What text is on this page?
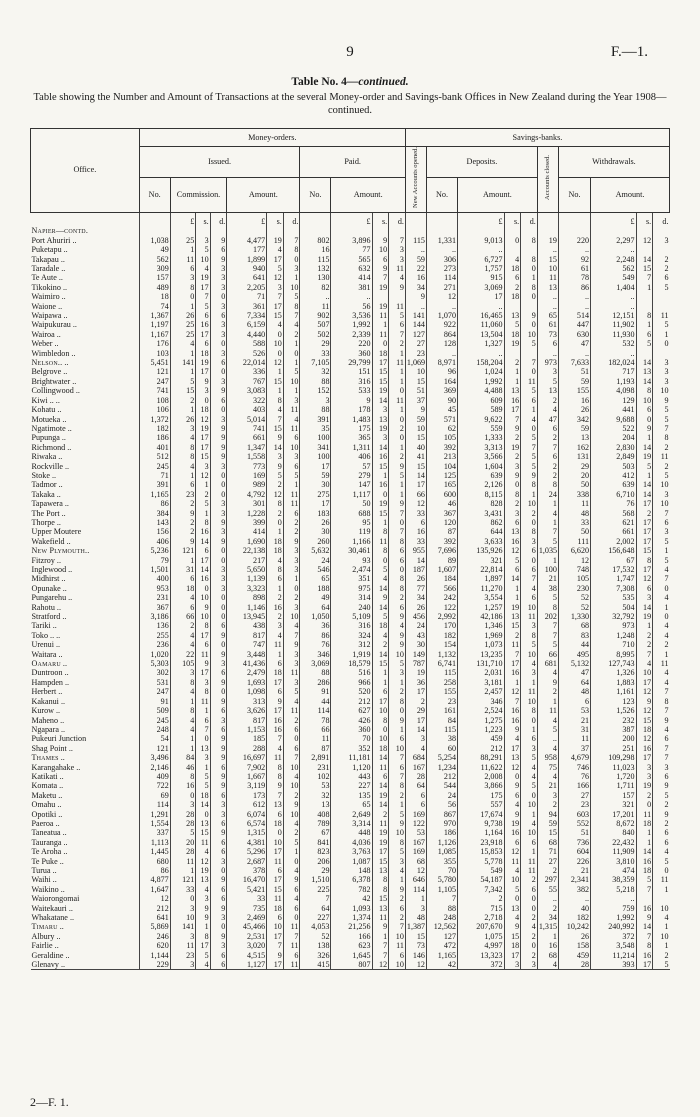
9	F.—1.
Table No. 4—continued.
Table showing the Number and Amount of Transactions at the several Money-order and Savings-bank Offices in New Zealand during the Year 1908—continued.
Office.	Money-orders.											Savings-banks.									
	Issued.							Paid.				New Accounts opened.	Deposits.				Accounts closed.	Withdrawals.			
	No.	Commission.			Amount.			No.	Amount.				No.	Amount.				No.	Amount.		
		£	s.	d.	£	s.	d.		£	s.	d.			£	s.	d.			£	s.	d.
Napier—contd.																					
Port Ahuriri ..	1,038	25	3	9	4,477	19	7	802	3,896	9	7	115	1,331	9,013	0	8	19	220	2,297	12	3
Puketapu ..	49	1	5	6	177	4	8	16	77	10	3	..	..	..			..	..	..		
Takapau ..	562	11	10	9	1,899	17	0	115	565	6	3	59	306	6,727	4	8	15	92	2,248	14	2
Taradale ..	309	6	4	3	940	5	3	132	632	9	11	22	273	1,757	18	0	10	61	562	15	2
Te Aute ..	157	3	19	3	641	12	1	130	414	7	4	16	114	915	6	1	11	78	549	7	6
Tikokino ..	489	8	17	3	2,205	3	10	82	381	19	9	34	271	3,069	2	8	13	86	1,404	1	5
Waimiro ..	18	0	7	0	71	7	5	..	..			9	12	17	18	0	..	..	..		
Waione ..	74	1	5	3	361	17	8	11	56	19	11	..	..	..			..	..	..		
Waipawa ..	1,367	26	6	6	7,334	15	7	902	3,536	11	5	141	1,070	16,465	13	9	65	514	12,151	8	11
Waipukurau ..	1,197	25	16	3	6,159	4	4	507	1,992	1	6	144	922	11,060	5	0	61	447	11,902	1	5
Wairoa ..	1,167	25	17	3	4,440	0	2	502	2,339	11	7	127	864	13,504	18	10	73	630	11,930	6	1
Weber ..	176	4	6	0	588	10	1	29	220	0	2	27	128	1,327	19	5	6	47	532	5	0
Wimbledon ..	103	1	18	3	526	0	0	33	360	18	1	23	..	..			..	..	..		
Nelson.. ..	5,451	141	19	6	22,014	12	1	7,105	29,799	17	11	1,069	8,971	158,204	2	7	973	7,633	182,024	14	3
Belgrove ..	121	1	17	0	336	1	5	32	151	15	1	10	96	1,024	1	0	3	51	717	13	3
Brightwater ..	247	5	9	3	767	15	10	88	316	15	1	15	164	1,992	1	11	5	59	1,193	14	3
Collingwood ..	741	15	3	9	3,083	1	1	152	533	19	0	51	369	4,488	13	5	13	155	4,098	8	10
Kiwi .. ..	108	2	0	6	322	8	3	3	9	14	11	37	90	609	16	6	2	16	129	10	9
Kohatu ..	106	1	18	0	403	4	11	88	178	3	1	9	45	589	17	1	4	26	441	6	5
Motueka ..	1,372	26	12	3	5,014	7	4	391	1,483	13	0	59	571	9,622	7	4	47	342	9,688	0	5
Ngatimote ..	182	3	19	9	741	15	11	35	175	19	2	10	62	559	9	0	6	59	522	9	7
Pupunga ..	186	4	17	9	661	9	6	100	365	3	0	15	105	1,333	2	5	2	13	204	1	8
Richmond ..	401	8	17	9	1,347	14	10	341	1,311	14	1	40	392	3,313	19	7	7	162	2,830	14	2
Riwaka ..	512	8	15	9	1,558	3	3	100	406	16	2	41	213	3,566	2	5	6	131	2,849	19	11
Rockville ..	245	4	3	3	773	9	6	17	57	15	9	15	104	1,604	3	5	2	29	503	5	2
Stoke ..	71	1	12	0	169	5	5	59	279	1	5	14	125	639	9	9	2	20	412	1	5
Tadmor ..	391	6	1	0	989	2	1	30	147	16	1	17	165	2,126	0	8	8	50	639	14	10
Takaka ..	1,165	23	2	0	4,792	12	11	275	1,117	0	1	66	600	8,115	8	1	24	338	6,710	14	3
Tapawera ..	86	2	5	3	301	8	11	17	50	19	9	12	46	828	2	10	1	11	76	17	10
The Port ..	384	9	1	3	1,228	2	6	183	688	15	7	33	367	3,431	3	2	4	48	568	2	7
Thorpe ..	143	2	8	9	399	0	2	26	95	1	0	6	120	862	6	0	1	33	621	17	6
Upper Moutere	156	2	16	3	414	1	2	30	119	8	7	16	87	644	13	8	7	50	661	17	3
Wakefield ..	406	9	14	9	1,690	18	9	260	1,166	11	8	33	392	3,633	16	3	5	111	2,002	17	5
New Plymouth..	5,236	121	6	0	22,138	18	3	5,632	30,461	8	6	955	7,696	135,926	12	6	1,035	6,620	156,648	15	1
Fitzroy ..	79	1	17	0	217	4	3	24	93	0	6	14	89	321	5	0	1	12	67	8	5
Inglewood ..	1,501	31	14	3	5,650	8	3	546	2,474	5	0	187	1,607	22,814	6	6	100	748	17,532	17	4
Midhirst ..	400	6	16	3	1,139	6	1	65	351	4	8	26	184	1,897	14	7	21	105	1,747	12	7
Opunake ..	953	18	0	3	3,323	1	0	188	975	14	8	77	566	11,270	1	4	38	230	7,308	6	0
Pungarehu ..	231	4	10	0	898	2	2	49	314	9	2	34	242	3,554	1	6	5	52	535	3	4
Rahotu ..	367	6	9	0	1,146	16	3	64	240	14	6	26	122	1,257	19	10	8	52	504	14	1
Stratford ..	3,186	66	10	0	13,945	2	10	1,050	5,109	5	9	456	2,992	42,186	13	11	202	1,330	32,792	19	0
Tariki ..	136	2	8	6	438	3	4	36	316	18	4	24	170	1,346	15	3	7	68	973	1	4
Toko .. ..	255	4	17	9	817	4	7	86	324	4	9	43	182	1,969	2	8	7	83	1,248	2	4
Urenui ..	236	4	6	0	747	11	9	76	312	2	9	30	154	1,073	11	5	5	44	710	2	2
Waitara ..	1,020	22	11	9	3,448	1	3	346	1,919	14	10	149	1,132	13,235	7	10	66	495	8,995	7	1
Oamaru ..	5,303	105	9	3	41,436	6	3	3,069	18,579	15	5	787	6,741	131,710	17	4	681	5,132	127,743	4	11
Duntroon ..	302	3	17	6	2,479	18	11	88	516	1	3	19	115	2,031	16	3	4	47	1,326	10	4
Hampden ..	531	8	3	9	1,693	17	3	286	966	1	1	36	258	3,181	1	1	9	64	1,883	17	4
Herbert ..	247	4	8	0	1,098	6	5	91	520	6	2	17	155	2,457	12	11	2	48	1,161	12	7
Kakanui ..	91	1	11	9	313	9	4	44	212	17	8	2	23	346	7	10	1	6	123	9	8
Kurow ..	509	8	1	6	3,626	17	11	114	627	10	0	29	161	2,524	16	8	11	53	1,526	12	7
Maheno ..	245	4	6	3	817	16	2	78	426	8	9	17	84	1,275	16	0	4	21	232	15	9
Ngapara ..	248	4	7	6	1,153	16	6	66	360	0	1	14	115	1,223	9	1	5	31	387	18	4
Pukeuri Junction	54	1	0	9	185	7	0	11	70	10	6	3	38	459	4	6	..	11	200	12	6
Shag Point ..	121	1	13	9	288	4	6	87	352	18	10	4	60	212	17	3	4	37	251	16	7
Thames ..	3,496	84	3	9	16,697	11	7	2,891	11,181	14	7	684	5,254	88,291	13	5	958	4,679	109,298	17	7
Karangahake ..	2,146	46	1	6	7,902	8	10	231	1,120	11	6	167	1,234	11,622	12	4	75	746	11,023	3	3
Katikati ..	409	8	5	9	1,667	8	4	102	443	6	7	28	212	2,008	0	4	4	76	1,720	3	6
Komata ..	722	16	5	9	3,119	9	10	53	227	14	8	64	544	3,866	9	5	21	166	1,711	19	9
Maketu ..	69	0	18	6	173	7	2	32	135	19	2	6	24	175	6	0	3	27	157	2	5
Omahu ..	114	3	14	3	612	13	9	13	65	14	1	6	56	557	4	10	2	23	321	0	2
Opotiki ..	1,291	28	0	3	6,074	6	10	408	2,649	2	5	169	867	17,674	9	1	94	603	17,201	11	9
Paeroa ..	1,554	28	13	6	6,574	18	4	789	3,314	11	9	122	970	9,738	19	4	59	552	8,672	18	2
Taneatua ..	337	5	15	9	1,315	0	2	67	448	19	10	53	186	1,164	16	10	15	51	840	1	6
Tauranga ..	1,113	20	11	6	4,381	10	5	841	4,036	19	8	167	1,126	23,918	6	6	68	736	22,432	1	6
Te Aroha ..	1,445	28	4	6	5,296	17	1	823	3,763	17	5	169	1,085	15,853	12	1	71	604	11,909	14	4
Te Puke ..	680	11	12	3	2,687	11	0	206	1,087	15	3	68	355	5,778	11	11	27	226	3,810	16	5
Turua ..	86	1	19	0	378	6	4	29	148	13	4	12	70	549	4	11	2	21	474	18	0
Waihi ..	4,877	121	13	9	16,470	17	9	1,510	6,378	8	1	646	5,780	54,187	10	2	297	2,341	38,359	5	11
Waikino ..	1,647	33	4	6	5,421	15	6	225	782	8	9	114	1,105	7,342	5	6	55	382	5,218	7	1
Waiorongomai	12	0	3	6	33	11	4	7	42	15	2	1	7	2	0	0	..	..	..		
Waitekauri ..	212	3	9	9	735	18	6	64	1,093	13	6	3	88	715	13	0	2	40	759	16	10
Whakatane ..	641	10	9	3	2,469	6	0	227	1,374	11	2	48	248	2,718	4	2	34	182	1,992	9	4
Timaru ..	5,869	141	1	0	45,466	10	11	4,053	21,256	9	7	1,387	12,562	207,670	9	4	1,315	10,242	240,992	14	1
Albury ..	246	3	8	9	2,531	17	7	52	166	1	10	15	127	1,075	15	2	1	26	372	7	10
Fairlie ..	620	11	17	3	3,020	7	11	138	623	7	11	73	472	4,997	18	0	16	158	3,548	8	1
Geraldine ..	1,144	23	5	6	4,515	9	6	326	1,645	7	6	146	1,165	13,323	17	2	68	459	11,214	16	2
Glenavy ..	229	3	4	6	1,127	17	11	415	807	12	10	12	42	372	3	3	4	28	393	17	5
2—F. 1.
